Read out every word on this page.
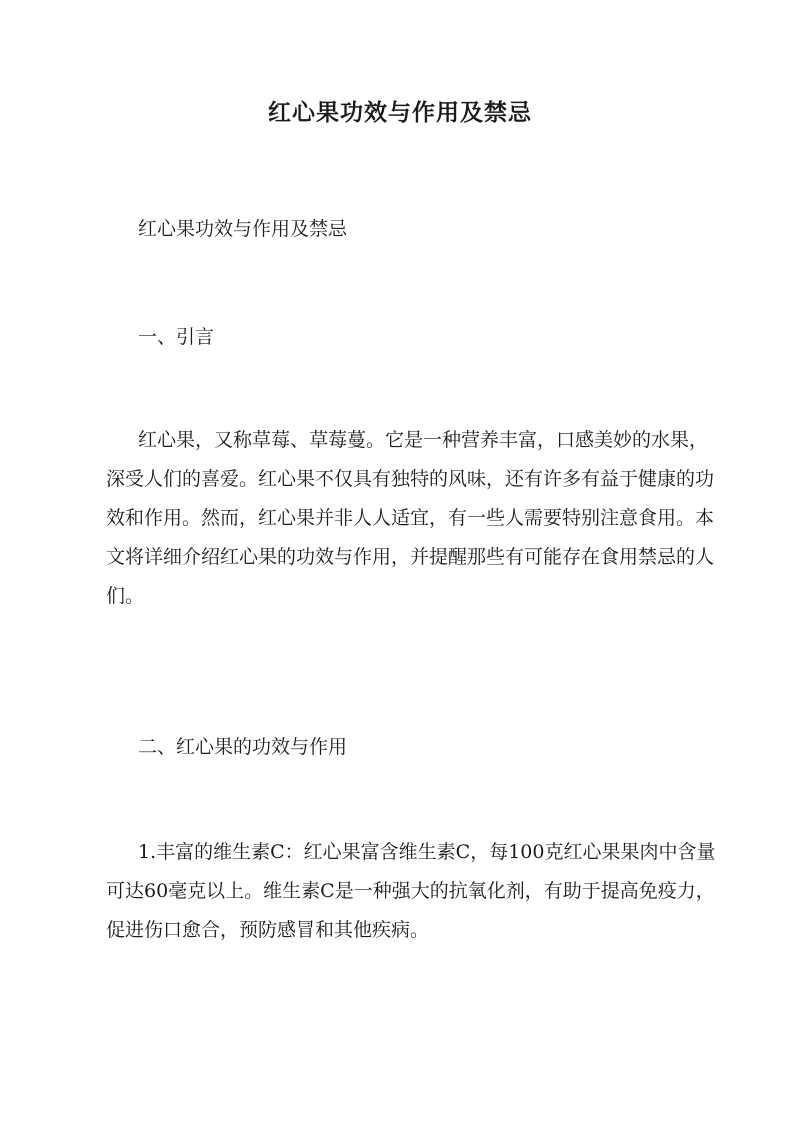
红心果功效与作用及禁忌

红心果功效与作用及禁忌

一、引言

红心果，又称草莓、草莓蔓。它是一种营养丰富，口感美妙的水果，
深受人们的喜爱。红心果不仅具有独特的风味，还有许多有益于健康的功
效和作用。然而，红心果并非人人适宜，有一些人需要特别注意食用。本
文将详细介绍红心果的功效与作用，并提醒那些有可能存在食用禁忌的人
们。

二、红心果的功效与作用

1.丰富的维生素C：红心果富含维生素C，每100克红心果果肉中含量
可达60毫克以上。维生素C是一种强大的抗氧化剂，有助于提高免疫力，
促进伤口愈合，预防感冒和其他疾病。
